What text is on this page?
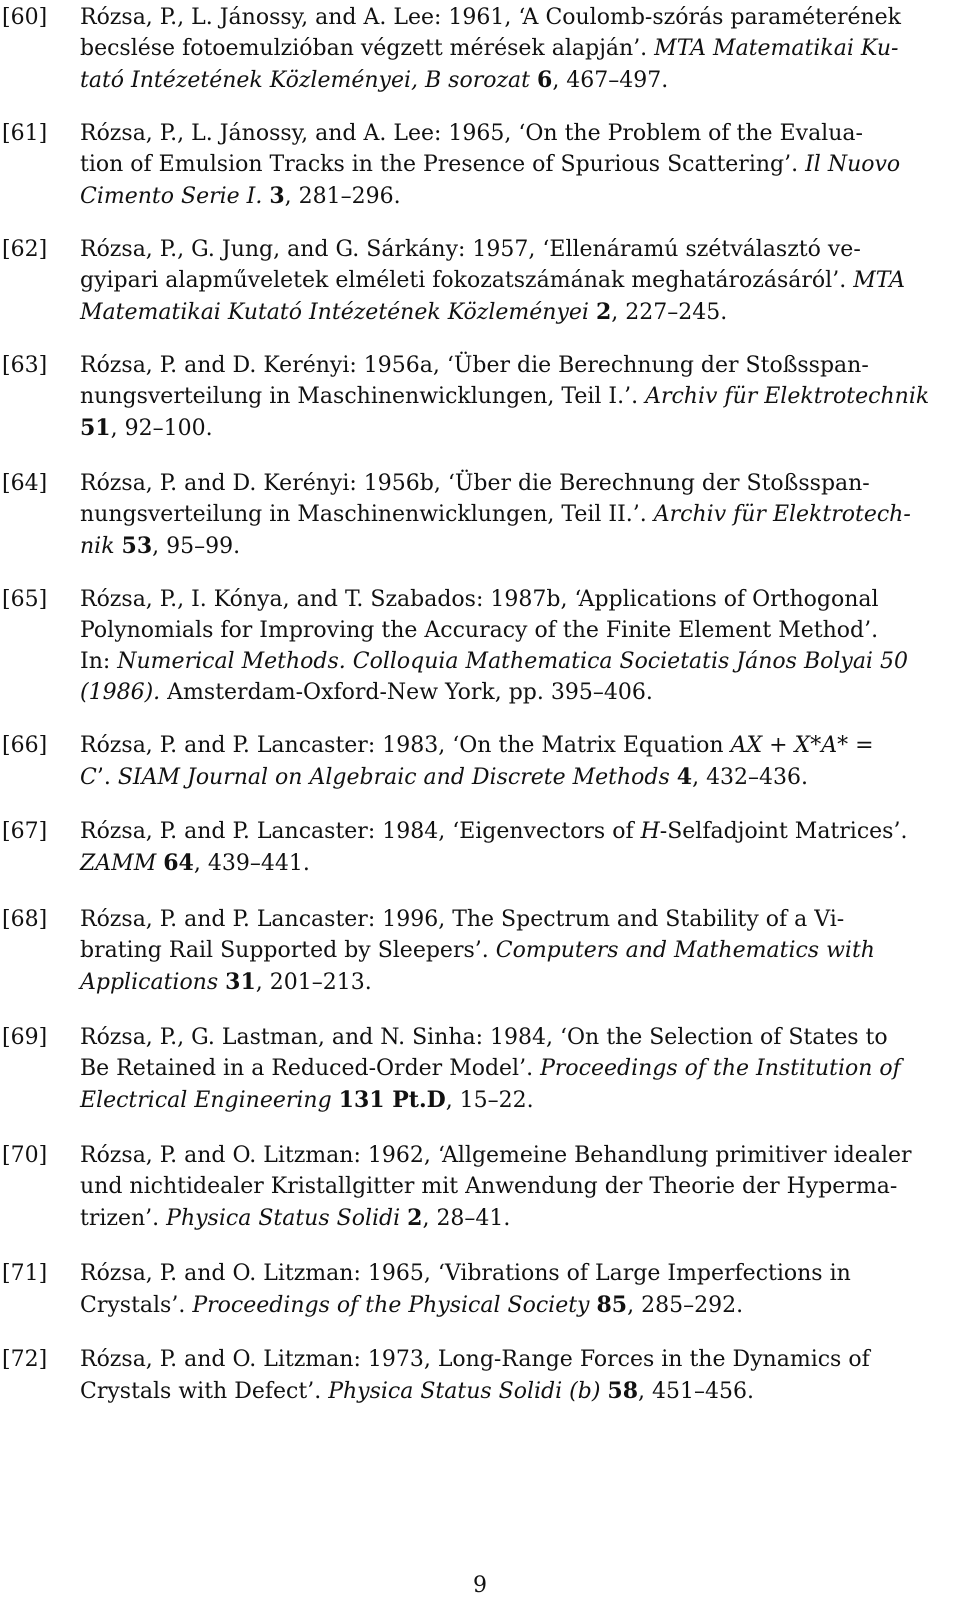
[60] Rózsa, P., L. Jánossy, and A. Lee: 1961, ‘A Coulomb-szórás paraméterének
becslése fotoemulzióban végzett mérések alapján’. MTA Matematikai Ku-
tató Intézetének Közleményei, B sorozat 6, 467–497.
[61] Rózsa, P., L. Jánossy, and A. Lee: 1965, ‘On the Problem of the Evalua-
tion of Emulsion Tracks in the Presence of Spurious Scattering’. Il Nuovo
Cimento Serie I. 3, 281–296.
[62] Rózsa, P., G. Jung, and G. Sárkány: 1957, ‘Ellenáramú szétválasztó ve-
gyipari alapműveletek elméleti fokozatszámának meghatározásáról’. MTA
Matematikai Kutató Intézetének Közleményei 2, 227–245.
[63] Rózsa, P. and D. Kerényi: 1956a, ‘Über die Berechnung der Stoßsspan-
nungsverteilung in Maschinenwicklungen, Teil I.’. Archiv für Elektrotechnik
51, 92–100.
[64] Rózsa, P. and D. Kerényi: 1956b, ‘Über die Berechnung der Stoßsspan-
nungsverteilung in Maschinenwicklungen, Teil II.’. Archiv für Elektrotech-
nik 53, 95–99.
[65] Rózsa, P., I. Kónya, and T. Szabados: 1987b, ‘Applications of Orthogonal
Polynomials for Improving the Accuracy of the Finite Element Method’.
In: Numerical Methods. Colloquia Mathematica Societatis János Bolyai 50
(1986). Amsterdam-Oxford-New York, pp. 395–406.
[66] Rózsa, P. and P. Lancaster: 1983, ‘On the Matrix Equation AX + X*A* =
C’. SIAM Journal on Algebraic and Discrete Methods 4, 432–436.
[67] Rózsa, P. and P. Lancaster: 1984, ‘Eigenvectors of H-Selfadjoint Matrices’.
ZAMM 64, 439–441.
[68] Rózsa, P. and P. Lancaster: 1996, The Spectrum and Stability of a Vi-
brating Rail Supported by Sleepers’. Computers and Mathematics with
Applications 31, 201–213.
[69] Rózsa, P., G. Lastman, and N. Sinha: 1984, ‘On the Selection of States to
Be Retained in a Reduced-Order Model’. Proceedings of the Institution of
Electrical Engineering 131 Pt.D, 15–22.
[70] Rózsa, P. and O. Litzman: 1962, ‘Allgemeine Behandlung primitiver idealer
und nichtidealer Kristallgitter mit Anwendung der Theorie der Hyperma-
trizen’. Physica Status Solidi 2, 28–41.
[71] Rózsa, P. and O. Litzman: 1965, ‘Vibrations of Large Imperfections in
Crystals’. Proceedings of the Physical Society 85, 285–292.
[72] Rózsa, P. and O. Litzman: 1973, Long-Range Forces in the Dynamics of
Crystals with Defect’. Physica Status Solidi (b) 58, 451–456.
9
